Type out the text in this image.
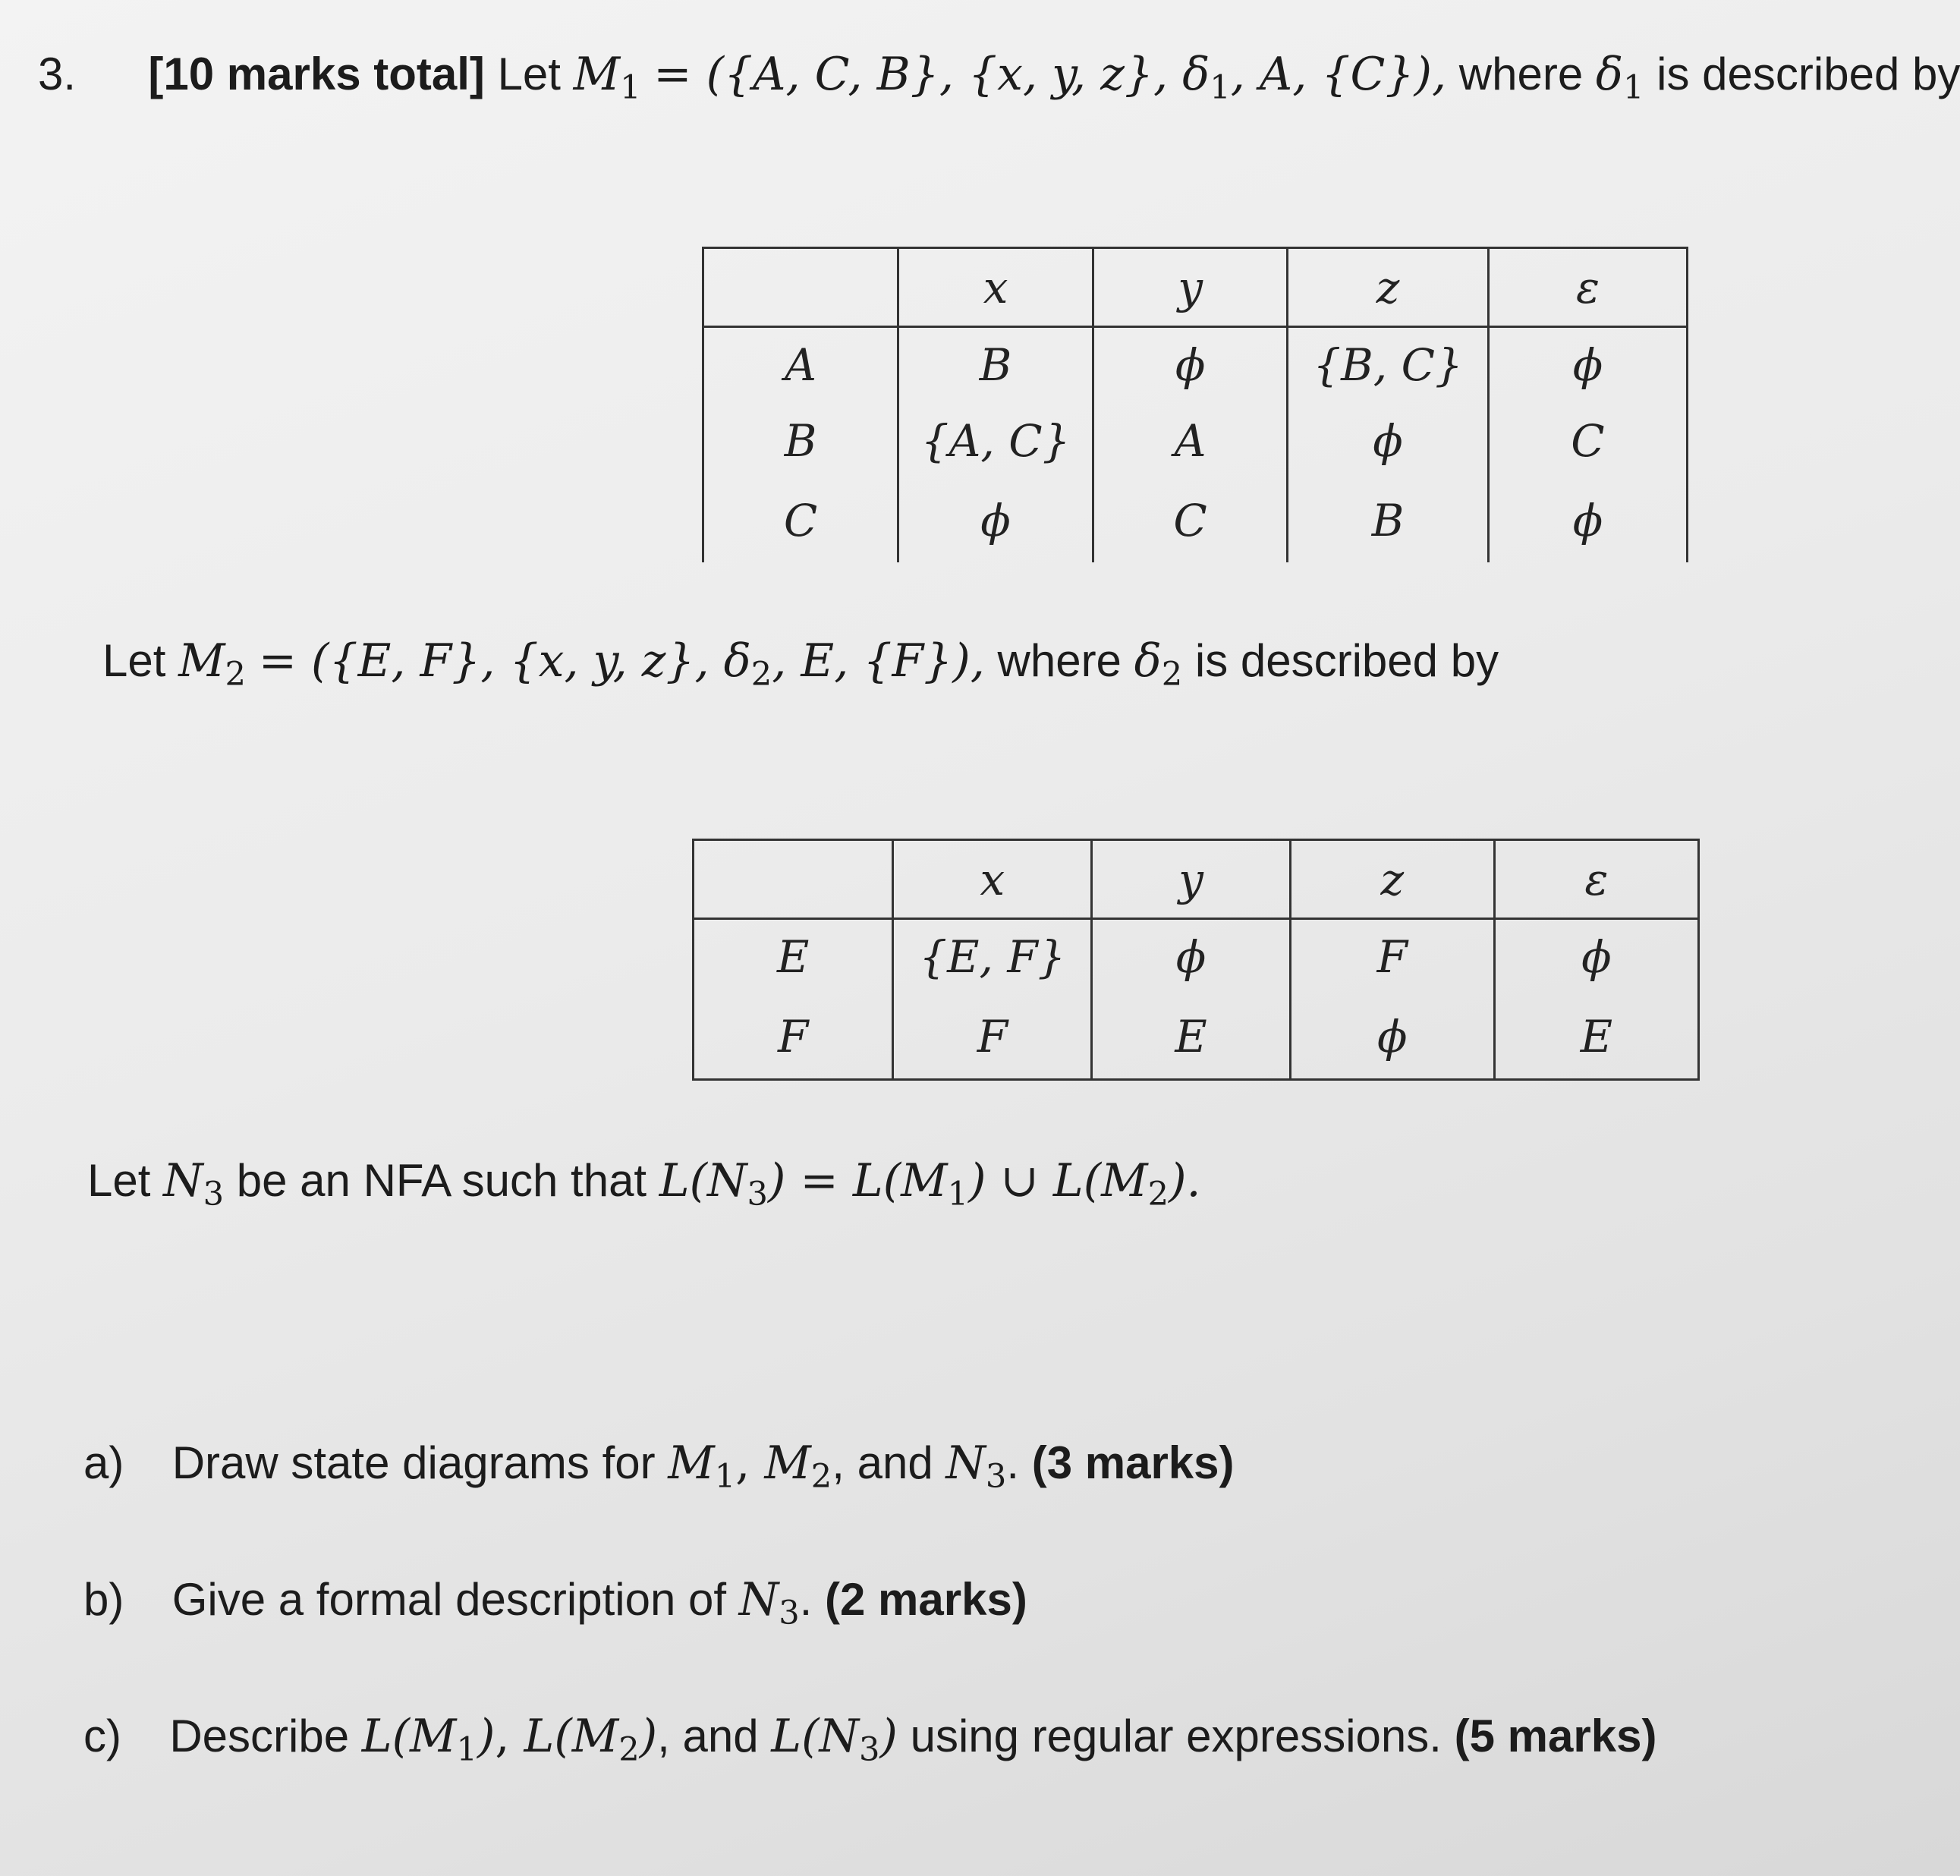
3. [10 marks total] Let $M_1 = (\{A$, C, B}, {x, y, z}, $\delta_1$, A, {C}), where $\delta_1$ is described by
	x	y	z	ε
A	B	ϕ	{B, C}	ϕ
B	{A, C}	A	ϕ	C
C	ϕ	C	B	ϕ
Let $M_2 = (\{E$, F}, {x, y, z}, $\delta_2$, E, {F}), where $\delta_2$ is described by
	x	y	z	ε
E	{E, F}	ϕ	F	ϕ
F	F	E	ϕ	E
Let $N_3$ be an NFA such that $L(N_3) = L(M_1)$ ∪ $L(M_2)$.
a) Draw state diagrams for $M_1$, $M_2$, and $N_3$. (3 marks)
b) Give a formal description of $N_3$. (2 marks)
c) Describe $L(M_1)$, $L(M_2)$, and $L(N_3)$ using regular expressions. (5 marks)
